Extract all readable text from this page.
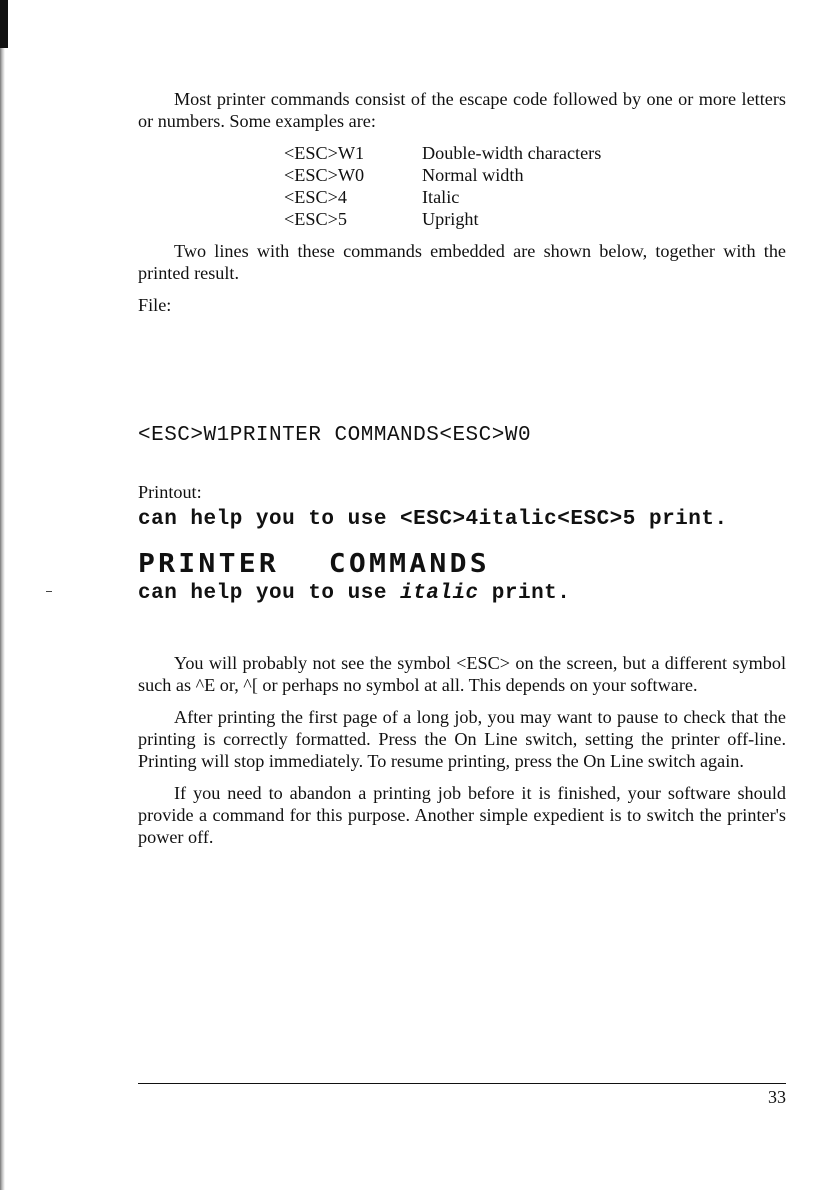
Most printer commands consist of the escape code followed by one or more letters or numbers. Some examples are:

<ESC>W1	Double-width characters
<ESC>W0	Normal width
<ESC>4	Italic
<ESC>5	Upright

Two lines with these commands embedded are shown below, together with the printed result.

File:

<ESC>W1PRINTER COMMANDS<ESC>W0

can help you to use <ESC>4italic<ESC>5 print.

Printout:

PRINTER COMMANDS
can help you to use italic print.

You will probably not see the symbol <ESC> on the screen, but a different symbol such as ^E or, ^[ or perhaps no symbol at all. This depends on your software.

After printing the first page of a long job, you may want to pause to check that the printing is correctly formatted. Press the On Line switch, setting the printer off-line. Printing will stop immediately. To resume printing, press the On Line switch again.

If you need to abandon a printing job before it is finished, your software should provide a command for this purpose. Another simple expedient is to switch the printer's power off.

33
